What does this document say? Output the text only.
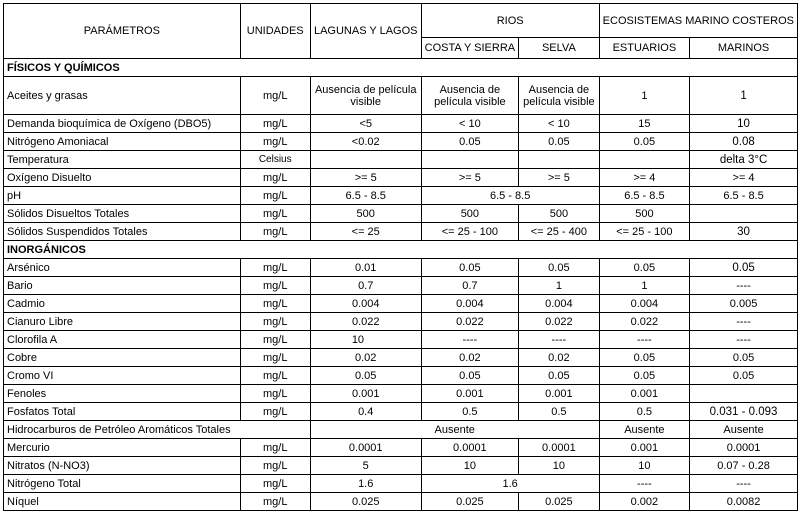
PARÁMETROS	UNIDADES	LAGUNAS Y LAGOS	RIOS		ECOSISTEMAS MARINO COSTEROS	
			COSTA Y SIERRA	SELVA	ESTUARIOS	MARINOS
FÍSICOS Y QUÍMICOS						
Aceites y grasas	mg/L	Ausencia de película visible	Ausencia de película visible	Ausencia de película visible	1	1
Demanda bioquímica de Oxígeno (DBO5)	mg/L	<5	< 10	< 10	15	10
Nitrógeno Amoniacal	mg/L	<0.02	0.05	0.05	0.05	0.08
Temperatura	Celsius					delta 3°C
Oxígeno Disuelto	mg/L	>= 5	>= 5	>= 5	>= 4	>= 4
pH	mg/L	6.5 - 8.5	6.5 - 8.5		6.5 - 8.5	6.5 - 8.5
Sólidos Disueltos Totales	mg/L	500	500	500	500	
Sólidos Suspendidos Totales	mg/L	<= 25	<= 25 - 100	<= 25 - 400	<= 25 - 100	30
INORGÁNICOS						
Arsénico	mg/L	0.01	0.05	0.05	0.05	0.05
Bario	mg/L	0.7	0.7	1	1	----
Cadmio	mg/L	0.004	0.004	0.004	0.004	0.005
Cianuro Libre	mg/L	0.022	0.022	0.022	0.022	----
Clorofila A	mg/L	10	----	----	----	----
Cobre	mg/L	0.02	0.02	0.02	0.05	0.05
Cromo VI	mg/L	0.05	0.05	0.05	0.05	0.05
Fenoles	mg/L	0.001	0.001	0.001	0.001	
Fosfatos Total	mg/L	0.4	0.5	0.5	0.5	0.031 - 0.093
Hidrocarburos de Petróleo Aromáticos Totales		Ausente			Ausente	Ausente
Mercurio	mg/L	0.0001	0.0001	0.0001	0.001	0.0001
Nitratos (N-NO3)	mg/L	5	10	10	10	0.07 - 0.28
Nitrógeno Total	mg/L	1.6	1.6		----	----
Níquel	mg/L	0.025	0.025	0.025	0.002	0.0082
